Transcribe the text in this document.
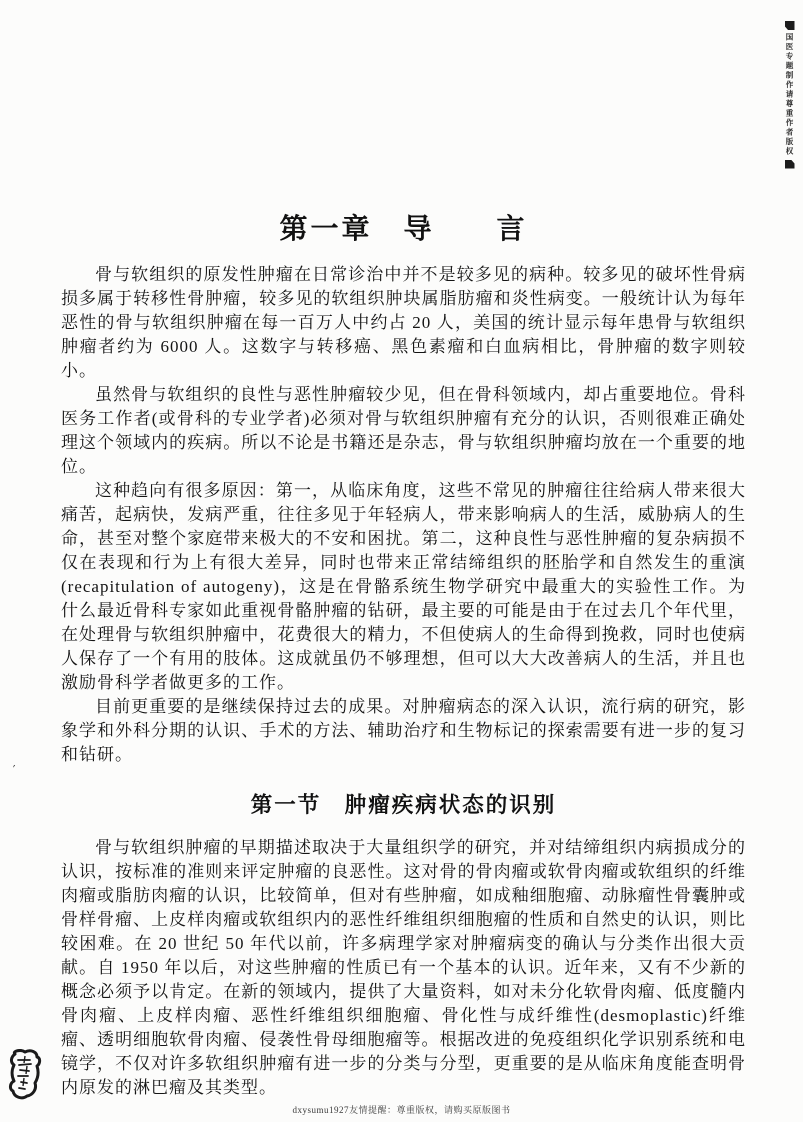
国医专题制作请尊重作者版权
第一章　导　　言

骨与软组织的原发性肿瘤在日常诊治中并不是较多见的病种。较多见的破坏性骨病损多属于转移性骨肿瘤，较多见的软组织肿块属脂肪瘤和炎性病变。一般统计认为每年恶性的骨与软组织肿瘤在每一百万人中约占 20 人，美国的统计显示每年患骨与软组织肿瘤者约为 6000 人。这数字与转移癌、黑色素瘤和白血病相比，骨肿瘤的数字则较小。

虽然骨与软组织的良性与恶性肿瘤较少见，但在骨科领域内，却占重要地位。骨科医务工作者(或骨科的专业学者)必须对骨与软组织肿瘤有充分的认识，否则很难正确处理这个领域内的疾病。所以不论是书籍还是杂志，骨与软组织肿瘤均放在一个重要的地位。

这种趋向有很多原因：第一，从临床角度，这些不常见的肿瘤往往给病人带来很大痛苦，起病快，发病严重，往往多见于年轻病人，带来影响病人的生活，威胁病人的生命，甚至对整个家庭带来极大的不安和困扰。第二，这种良性与恶性肿瘤的复杂病损不仅在表现和行为上有很大差异，同时也带来正常结缔组织的胚胎学和自然发生的重演(recapitulation of autogeny)，这是在骨骼系统生物学研究中最重大的实验性工作。为什么最近骨科专家如此重视骨骼肿瘤的钻研，最主要的可能是由于在过去几个年代里，在处理骨与软组织肿瘤中，花费很大的精力，不但使病人的生命得到挽救，同时也使病人保存了一个有用的肢体。这成就虽仍不够理想，但可以大大改善病人的生活，并且也激励骨科学者做更多的工作。

目前更重要的是继续保持过去的成果。对肿瘤病态的深入认识，流行病的研究，影象学和外科分期的认识、手术的方法、辅助治疗和生物标记的探索需要有进一步的复习和钻研。

第一节　肿瘤疾病状态的识别

骨与软组织肿瘤的早期描述取决于大量组织学的研究，并对结缔组织内病损成分的认识，按标准的准则来评定肿瘤的良恶性。这对骨的骨肉瘤或软骨肉瘤或软组织的纤维肉瘤或脂肪肉瘤的认识，比较简单，但对有些肿瘤，如成釉细胞瘤、动脉瘤性骨囊肿或骨样骨瘤、上皮样肉瘤或软组织内的恶性纤维组织细胞瘤的性质和自然史的认识，则比较困难。在 20 世纪 50 年代以前，许多病理学家对肿瘤病变的确认与分类作出很大贡献。自 1950 年以后，对这些肿瘤的性质已有一个基本的认识。近年来，又有不少新的概念必须予以肯定。在新的领域内，提供了大量资料，如对未分化软骨肉瘤、低度髓内骨肉瘤、上皮样肉瘤、恶性纤维组织细胞瘤、骨化性与成纤维性(desmoplastic)纤维瘤、透明细胞软骨肉瘤、侵袭性骨母细胞瘤等。根据改进的免疫组织化学识别系统和电镜学，不仅对许多软组织肿瘤有进一步的分类与分型，更重要的是从临床角度能查明骨内原发的淋巴瘤及其类型。

′
dxysumu1927友情提醒：尊重版权，请购买原版图书
